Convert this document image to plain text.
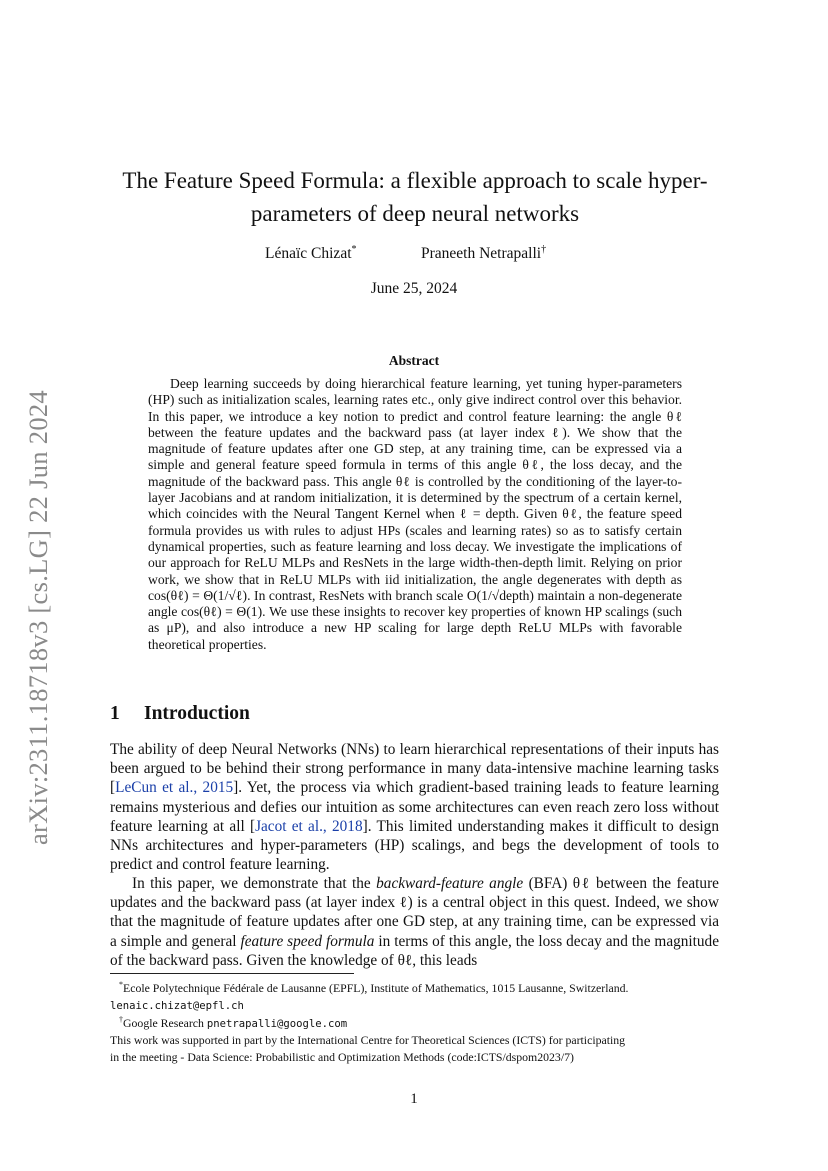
arXiv:2311.18718v3 [cs.LG] 22 Jun 2024
The Feature Speed Formula: a flexible approach to scale hyper-parameters of deep neural networks
Lénaïc Chizat*	Praneeth Netrapalli†
June 25, 2024
Abstract

Deep learning succeeds by doing hierarchical feature learning, yet tuning hyper-parameters (HP) such as initialization scales, learning rates etc., only give indirect control over this behavior. In this paper, we introduce a key notion to predict and control feature learning: the angle θℓ between the feature updates and the backward pass (at layer index ℓ). We show that the magnitude of feature updates after one GD step, at any training time, can be expressed via a simple and general feature speed formula in terms of this angle θℓ, the loss decay, and the magnitude of the backward pass. This angle θℓ is controlled by the conditioning of the layer-to-layer Jacobians and at random initialization, it is determined by the spectrum of a certain kernel, which coincides with the Neural Tangent Kernel when ℓ = depth. Given θℓ, the feature speed formula provides us with rules to adjust HPs (scales and learning rates) so as to satisfy certain dynamical properties, such as feature learning and loss decay. We investigate the implications of our approach for ReLU MLPs and ResNets in the large width-then-depth limit. Relying on prior work, we show that in ReLU MLPs with iid initialization, the angle degenerates with depth as cos(θℓ) = Θ(1/√ℓ). In contrast, ResNets with branch scale O(1/√depth) maintain a non-degenerate angle cos(θℓ) = Θ(1). We use these insights to recover key properties of known HP scalings (such as μP), and also introduce a new HP scaling for large depth ReLU MLPs with favorable theoretical properties.

1 Introduction

The ability of deep Neural Networks (NNs) to learn hierarchical representations of their inputs has been argued to be behind their strong performance in many data-intensive machine learning tasks [LeCun et al., 2015]. Yet, the process via which gradient-based training leads to feature learning remains mysterious and defies our intuition as some architectures can even reach zero loss without feature learning at all [Jacot et al., 2018]. This limited understanding makes it difficult to design NNs architectures and hyper-parameters (HP) scalings, and begs the development of tools to predict and control feature learning.

In this paper, we demonstrate that the backward-feature angle (BFA) θℓ between the feature updates and the backward pass (at layer index ℓ) is a central object in this quest. Indeed, we show that the magnitude of feature updates after one GD step, at any training time, can be expressed via a simple and general feature speed formula in terms of this angle, the loss decay and the magnitude of the backward pass. Given the knowledge of θℓ, this leads

*Ecole Polytechnique Fédérale de Lausanne (EPFL), Institute of Mathematics, 1015 Lausanne, Switzerland.

lenaic.chizat@epfl.ch

†Google Research pnetrapalli@google.com

This work was supported in part by the International Centre for Theoretical Sciences (ICTS) for participating

in the meeting - Data Science: Probabilistic and Optimization Methods (code:ICTS/dspom2023/7)

1
